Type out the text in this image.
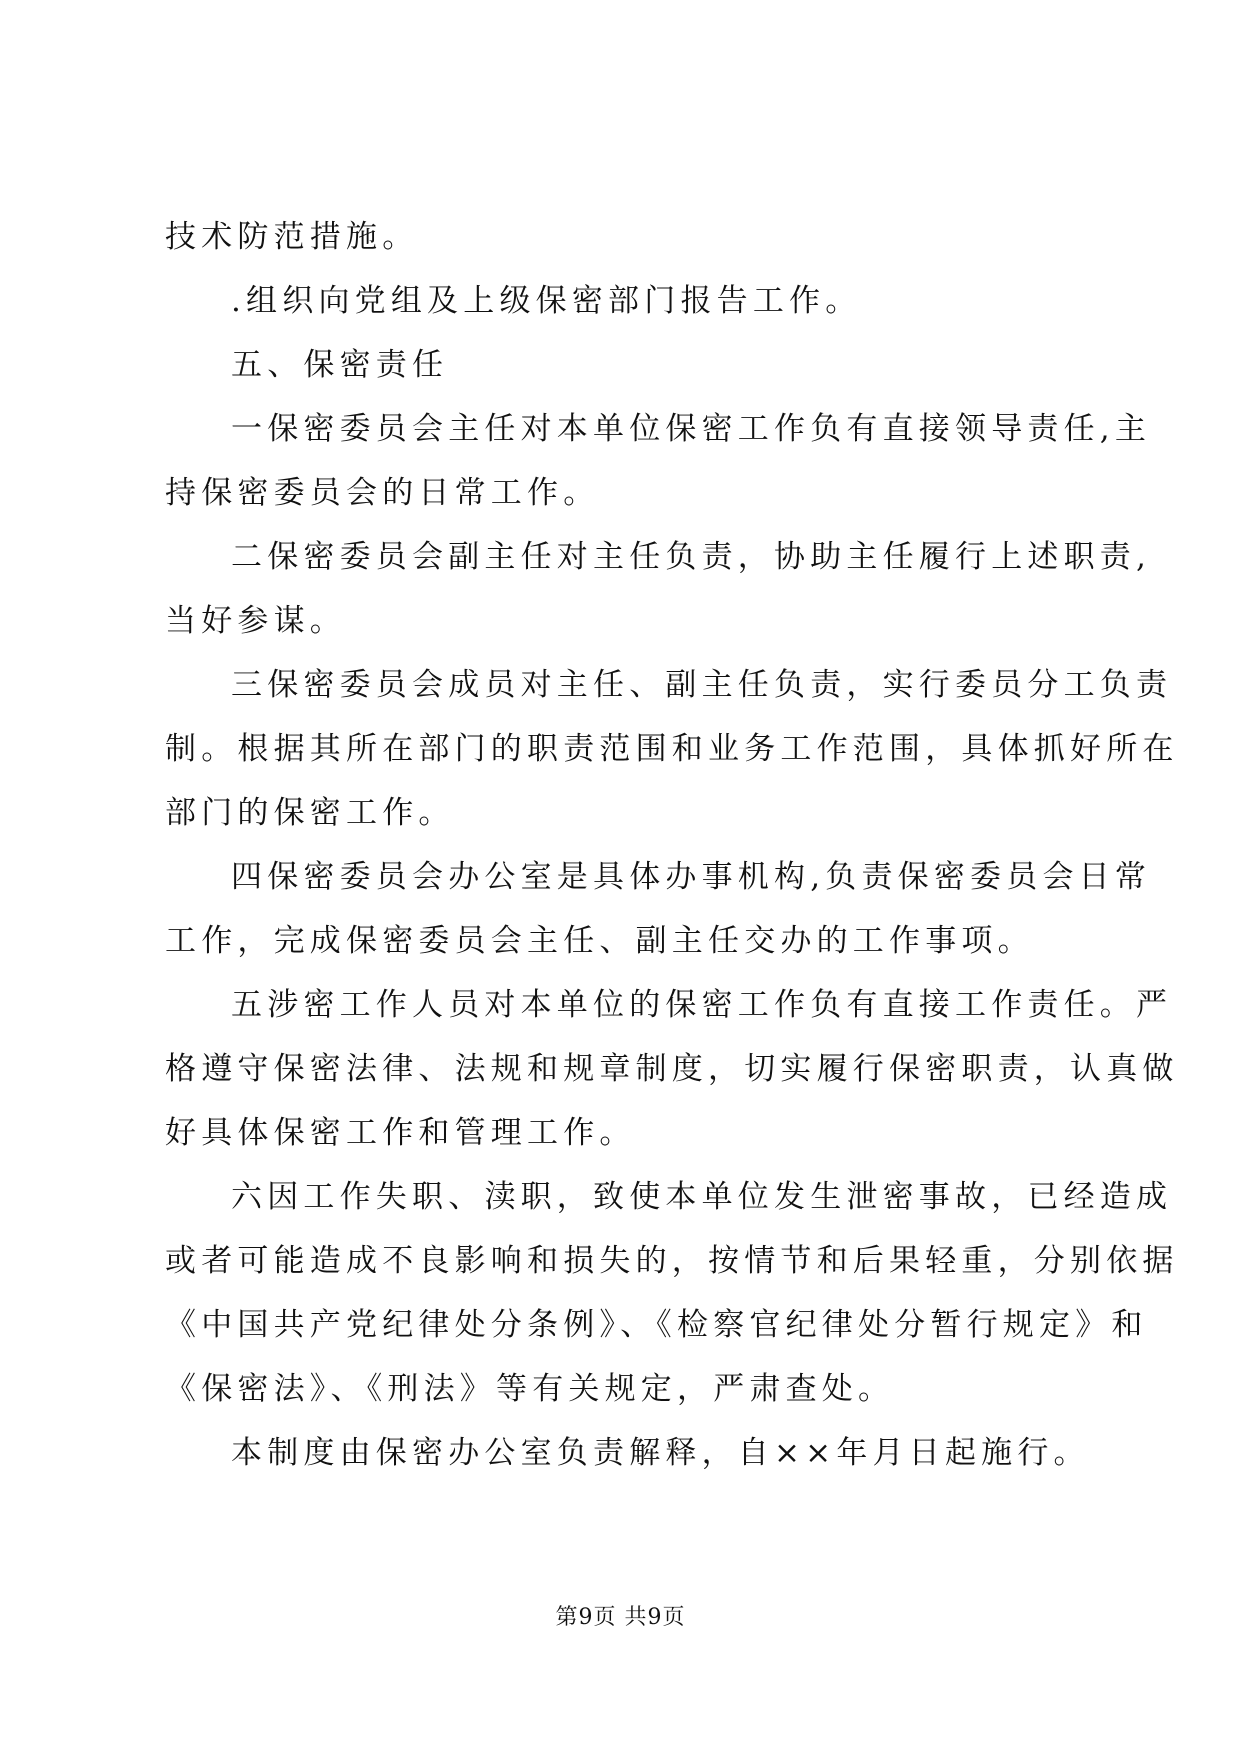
技术防范措施。
.组织向党组及上级保密部门报告工作。
五、保密责任
一保密委员会主任对本单位保密工作负有直接领导责任,主
持保密委员会的日常工作。
二保密委员会副主任对主任负责，协助主任履行上述职责,
当好参谋。
三保密委员会成员对主任、副主任负责，实行委员分工负责
制。根据其所在部门的职责范围和业务工作范围，具体抓好所在
部门的保密工作。
四保密委员会办公室是具体办事机构,负责保密委员会日常
工作，完成保密委员会主任、副主任交办的工作事项。
五涉密工作人员对本单位的保密工作负有直接工作责任。严
格遵守保密法律、法规和规章制度，切实履行保密职责，认真做
好具体保密工作和管理工作。
六因工作失职、渎职，致使本单位发生泄密事故，已经造成
或者可能造成不良影响和损失的，按情节和后果轻重，分别依据
《中国共产党纪律处分条例》、《检察官纪律处分暂行规定》和
《保密法》、《刑法》等有关规定，严肃查处。
本制度由保密办公室负责解释，自××年月日起施行。
第9页 共9页
